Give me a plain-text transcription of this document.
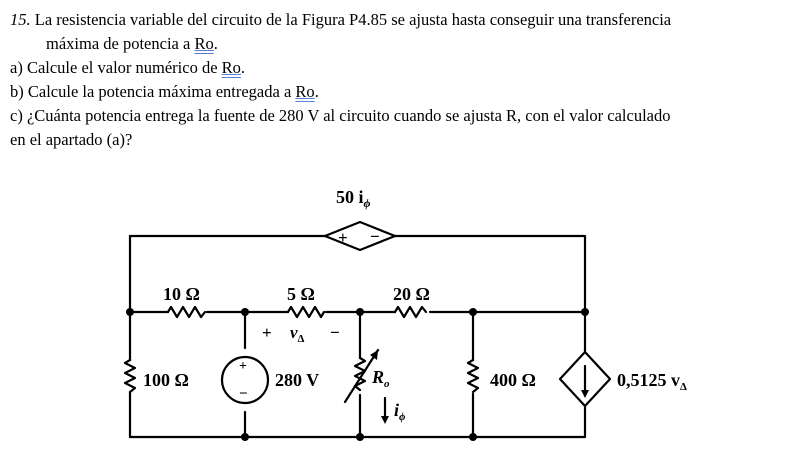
15. La resistencia variable del circuito de la Figura P4.85 se ajusta hasta conseguir una transferencia
máxima de potencia a Ro.
a) Calcule el valor numérico de Ro.
b) Calcule la potencia máxima entregada a Ro.
c) ¿Cuánta potencia entrega la fuente de 280 V al circuito cuando se ajusta R, con el valor calculado
en el apartado (a)?
50 $i_\phi$
+ −
10 Ω	5 Ω	20 Ω
+ $v_\Delta$ −
100 Ω
+
−
280 V	$R_o$
$i_\phi$
400 Ω	0,5125 $v_\Delta$
